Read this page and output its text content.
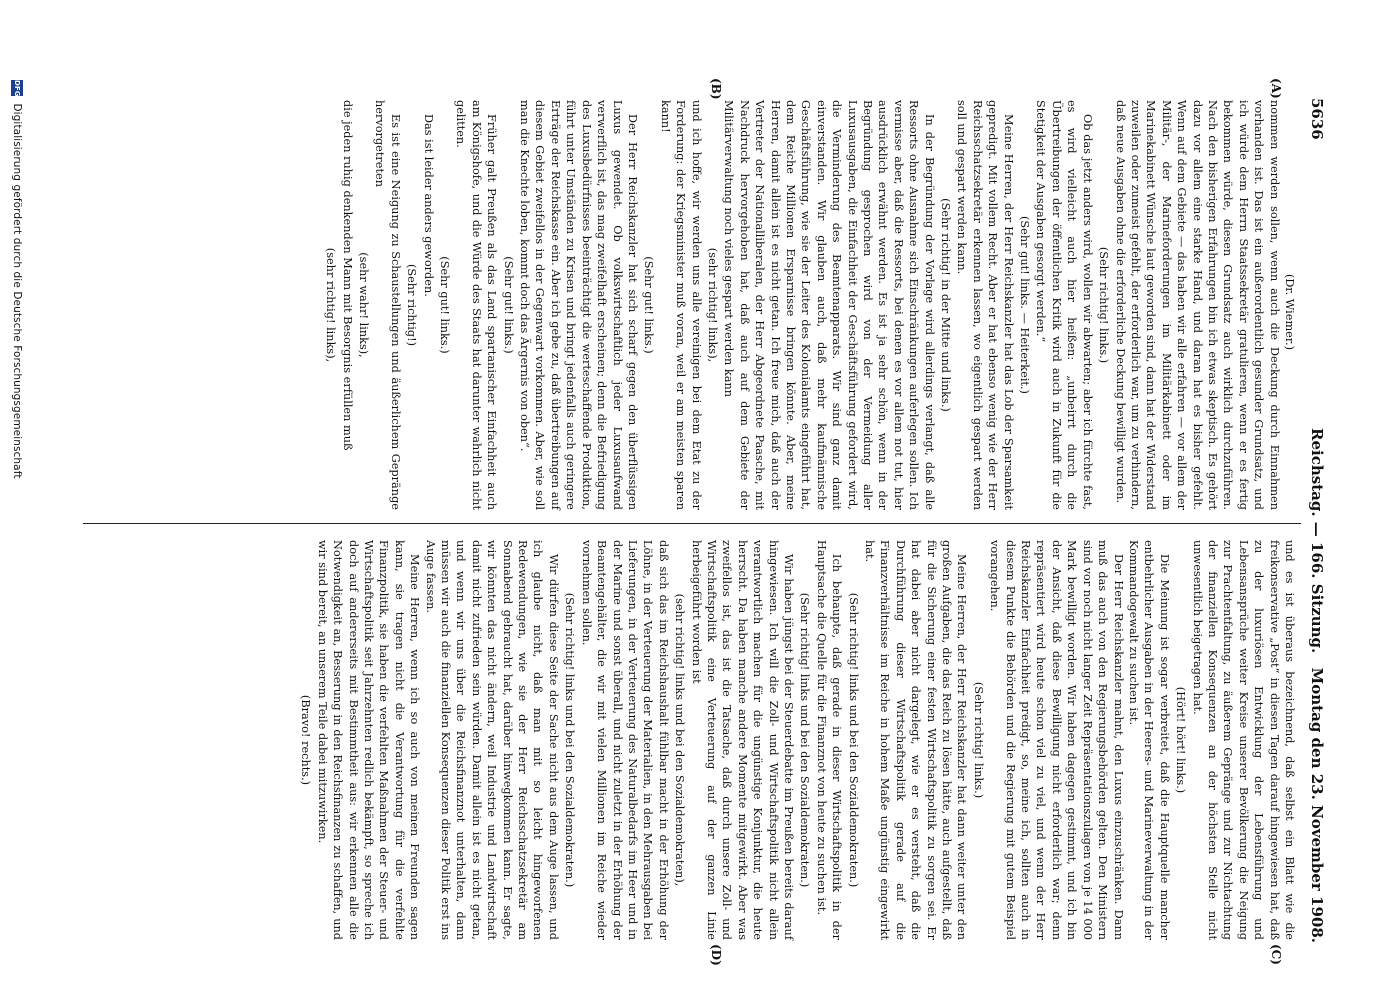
5636
Reichstag. — 166. Sitzung.
Montag den 23. November 1908.
(A)
(B)
(C)
(D)

(Dr. Wiemer.)

nommen werden sollen, wenn auch die Deckung durch Einnahmen vorhanden ist. Das ist ein außerordentlich gesunder Grundsatz, und ich würde dem Herrn Staatssekretär gratulieren, wenn er es fertig bekommen würde, diesen Grundsatz auch wirklich durchzuführen. Nach den bisherigen Erfahrungen bin ich etwas skeptisch. Es gehört dazu vor allem eine starke Hand, und daran hat es bisher gefehlt. Wenn auf dem Gebiete — das haben wir alle erfahren — vor allem der Militär-, der Marineforderungen im Militärkabinett oder im Marinekabinett Wünsche laut geworden sind, dann hat der Widerstand zuweilen oder zumeist gefehlt, der erforderlich war, um zu verhindern, daß neue Ausgaben ohne die erforderliche Deckung bewilligt wurden.

(Sehr richtig! links.)

Ob das jetzt anders wird, wollen wir abwarten; aber ich fürchte fast, es wird vielleicht auch hier heißen: „unbeirrt durch die Übertreibungen der öffentlichen Kritik wird auch in Zukunft für die Stetigkeit der Ausgaben gesorgt werden.“

(Sehr gut! links. — Heiterkeit.)

Meine Herren, der Herr Reichskanzler hat das Lob der Sparsamkeit gepredigt. Mit vollem Recht. Aber er hat ebenso wenig wie der Herr Reichsschatzsekretär erkennen lassen, wo eigentlich gespart werden soll und gespart werden kann.

(Sehr richtig! in der Mitte und links.)

In der Begründung der Vorlage wird allerdings verlangt, daß alle Ressorts ohne Ausnahme sich Einschränkungen auferlegen sollen. Ich vermisse aber, daß die Ressorts, bei denen es vor allem not tut, hier ausdrücklich erwähnt werden. Es ist ja sehr schön, wenn in der Begründung gesprochen wird von der Vermeidung aller Luxusausgaben, die Einfachheit der Geschäftsführung gefordert wird, die Verminderung des Beamtenapparats. Wir sind ganz damit einverstanden. Wir glauben auch, daß mehr kaufmännische Geschäftsführung, wie sie der Leiter des Kolonialamts eingeführt hat, dem Reiche Millionen Ersparnisse bringen könnte. Aber, meine Herren, damit allein ist es nicht getan. Ich freue mich, daß auch der Vertreter der Nationalliberalen, der Herr Abgeordnete Paasche, mit Nachdruck hervorgehoben hat, daß auch auf dem Gebiete der Militärverwaltung noch vieles gespart werden kann

(sehr richtig! links),

und ich hoffe, wir werden uns alle vereinigen bei dem Etat zu der Forderung: der Kriegsminister muß voran, weil er am meisten sparen kann!

(Sehr gut! links.)

Der Herr Reichskanzler hat sich scharf gegen den überflüssigen Luxus gewendet. Ob volkswirtschaftlich jeder Luxusaufwand verwerflich ist, das mag zweifelhaft erscheinen; denn die Befriedigung des Luxusbedürfnisses beeinträchtigt die werteschaffende Produktion, führt unter Umständen zu Krisen und bringt jedenfalls auch geringere Erträge der Reichskasse ein. Aber ich gebe zu, daß übertreibungen auf diesem Gebiet zweifellos in der Gegenwart vorkommen. Aber, wie soll man die Knechte loben, kommt doch das Ärgernis von oben“.

(Sehr gut! links.)

Früher galt Preußen als das Land spartanischer Einfachheit auch am Königshofe, und die Würde des Staats hat darunter wahrlich nicht gelitten.

(Sehr gut! links.)

Das ist leider anders geworden.

(Sehr richtig!)

Es ist eine Neigung zu Schaustellungen und äußerlichem Gepränge hervorgetreten

(sehr wahr! links),

die jeden ruhig denkenden Mann mit Besorgnis erfüllen muß

(sehr richtig! links),

und es ist überaus bezeichnend, daß selbst ein Blatt wie die freikonservative „Post“ in diesen Tagen darauf hingewiesen hat, daß zu der luxuriösen Entwicklung der Lebensführung und Lebensansprüche weiter Kreise unserer Bevölkerung die Neigung zur Prachtentfaltung, zu äußerem Gepränge und zur Nichtachtung der finanziellen Konsequenzen an der höchsten Stelle nicht unwesentlich beigetragen hat.

(Hört! hört! links.)

Die Meinung ist sogar verbreitet, daß die Hauptquelle mancher entbehrlicher Ausgaben in der Heeres- und Marineverwaltung in der Kommandogewalt zu suchen ist.

Der Herr Reichskanzler mahnt, den Luxus einzuschränken. Dann muß das auch von den Regierungsbehörden gelten. Den Ministern sind vor noch nicht langer Zeit Repräsentationszulagen von je 14 000 Mark bewilligt worden. Wir haben dagegen gestimmt, und ich bin der Ansicht, daß diese Bewilligung nicht erforderlich war; denn repräsentiert wird heute schon viel zu viel, und wenn der Herr Reichskanzler Einfachheit predigt, so, meine ich, sollten auch in diesem Punkte die Behörden und die Regierung mit gutem Beispiel vorangehen.

(Sehr richtig! links.)

Meine Herren, der Herr Reichskanzler hat dann weiter unter den großen Aufgaben, die das Reich zu lösen hätte, auch aufgestellt, daß für die Sicherung einer festen Wirtschaftspolitik zu sorgen sei. Er hat dabei aber nicht dargelegt, wie er es versteht, daß die Durchführung dieser Wirtschaftspolitik gerade auf die Finanzverhältnisse im Reiche in hohem Maße ungünstig eingewirkt hat.

(Sehr richtig! links und bei den Sozialdemokraten.)

Ich behaupte, daß gerade in dieser Wirtschaftspolitik in der Hauptsache die Quelle für die Finanznot von heute zu suchen ist.

(Sehr richtig! links und bei den Sozialdemokraten.)

Wir haben jüngst bei der Steuerdebatte im Preußen bereits darauf hingewiesen. Ich will die Zoll- und Wirtschaftspolitik nicht allein verantwortlich machen für die ungünstige Konjunktur, die heute herrscht. Da haben manche andere Momente mitgewirkt. Aber was zweifellos ist, das ist die Tatsache, daß durch unsere Zoll- und Wirtschaftspolitik eine Verteuerung auf der ganzen Linie herbeigeführt worden ist

(sehr richtig! links und bei den Sozialdemokraten),

daß sich das im Reichshaushalt fühlbar macht in der Erhöhung der Löhne, in der Verteuerung der Materialien, in den Mehrausgaben bei Lieferungen, in der Verteuerung des Naturalbedarfs im Heer und in der Marine und sonst überall, und nicht zuletzt in der Erhöhung der Beamtengehälter, die wir mit vielen Millionen im Reiche wieder vornehmen sollen.

(Sehr richtig! links und bei den Sozialdemokraten.)

Wir dürfen diese Seite der Sache nicht aus dem Auge lassen, und ich glaube nicht, daß man mit so leicht hingeworfenen Redewendungen, wie sie der Herr Reichsschatzsekretär am Sonnabend gebraucht hat, darüber hinwegkommen kann. Er sagte, wir könnten das nicht ändern, weil Industrie und Landwirtschaft damit nicht zufrieden sein würden. Damit allein ist es nicht getan, und wenn wir uns über die Reichsfinanznot unterhalten, dann müssen wir auch die finanziellen Konsequenzen dieser Politik erst ins Auge fassen.

Meine Herren, wenn ich so auch von meinen Freunden sagen kann, sie tragen nicht die Verantwortung für die verfehlte Finanzpolitik, sie haben die verfehlten Maßnahmen der Steuer- und Wirtschaftspolitik seit Jahrzehnten redlich bekämpft, so spreche ich doch auf andererseits mit Bestimmtheit aus: wir erkennen alle die Notwendigkeit an, Besserung in den Reichsfinanzen zu schaffen, und wir sind bereit, an unserem Teile dabei mitzuwirken.

(Bravo! rechts.)

DFG Digitalisierung gefördert durch die Deutsche Forschungsgemeinschaft
